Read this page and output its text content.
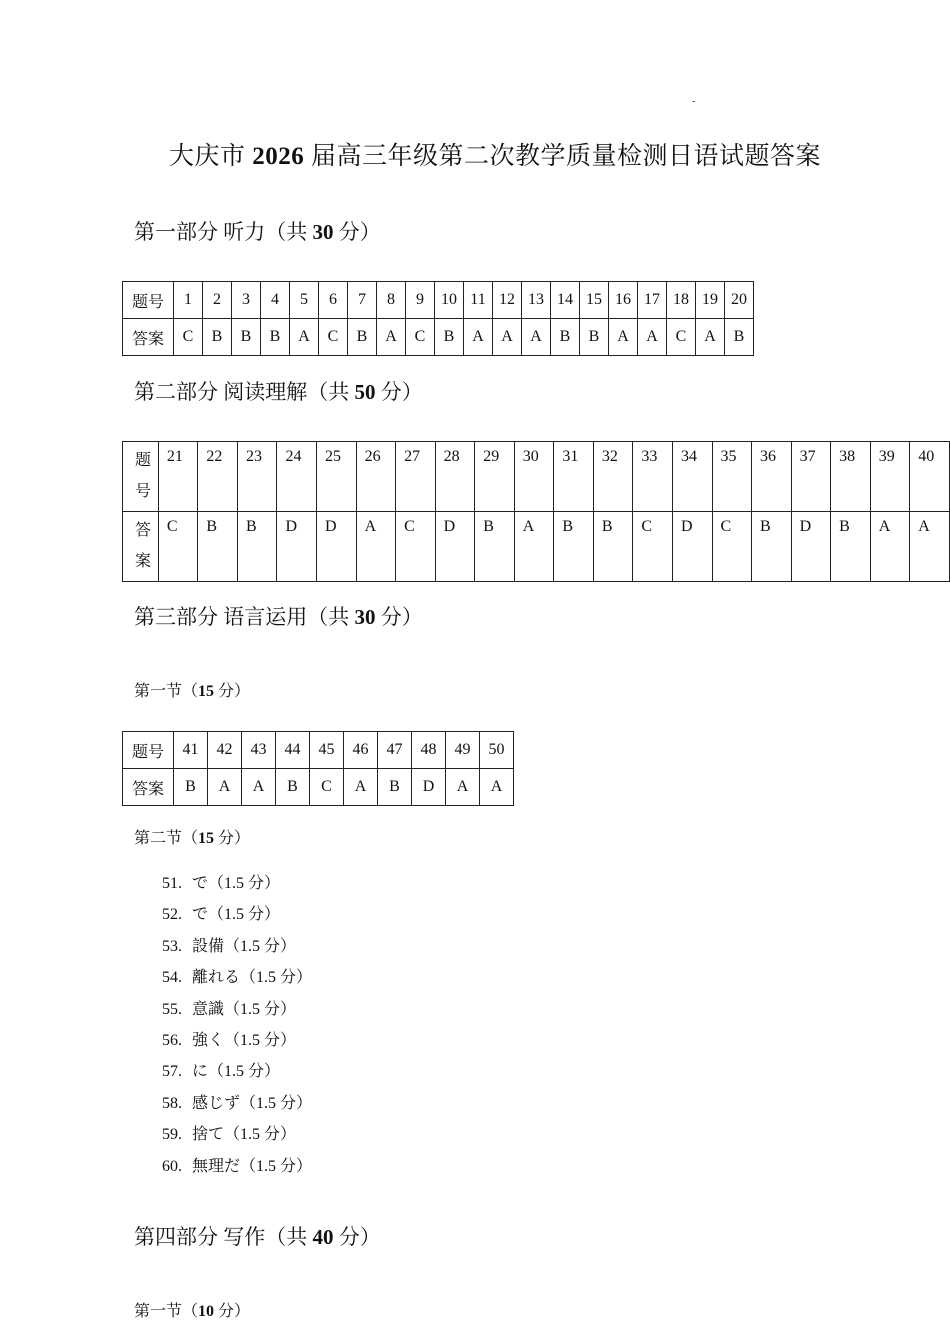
-
大庆市 2026 届高三年级第二次教学质量检测日语试题答案
第一部分 听力（共 30 分）
题号	1	2	3	4	5	6	7	8	9	10	11	12	13	14	15	16	17	18	19	20
答案	C	B	B	B	A	C	B	A	C	B	A	A	A	B	B	A	A	C	A	B
第二部分 阅读理解（共 50 分）
题
号	21	22	23	24	25	26	27	28	29	30	31	32	33	34	35	36	37	38	39	40
答
案	C	B	B	D	D	A	C	D	B	A	B	B	C	D	C	B	D	B	A	A
第三部分 语言运用（共 30 分）
第一节（15 分）
题号	41	42	43	44	45	46	47	48	49	50
答案	B	A	A	B	C	A	B	D	A	A
第二节（15 分）
51. で（1.5 分）
52. で（1.5 分）
53. 設備（1.5 分）
54. 離れる（1.5 分）
55. 意識（1.5 分）
56. 強く（1.5 分）
57. に（1.5 分）
58. 感じず（1.5 分）
59. 捨て（1.5 分）
60. 無理だ（1.5 分）
第四部分 写作（共 40 分）
第一节（10 分）
